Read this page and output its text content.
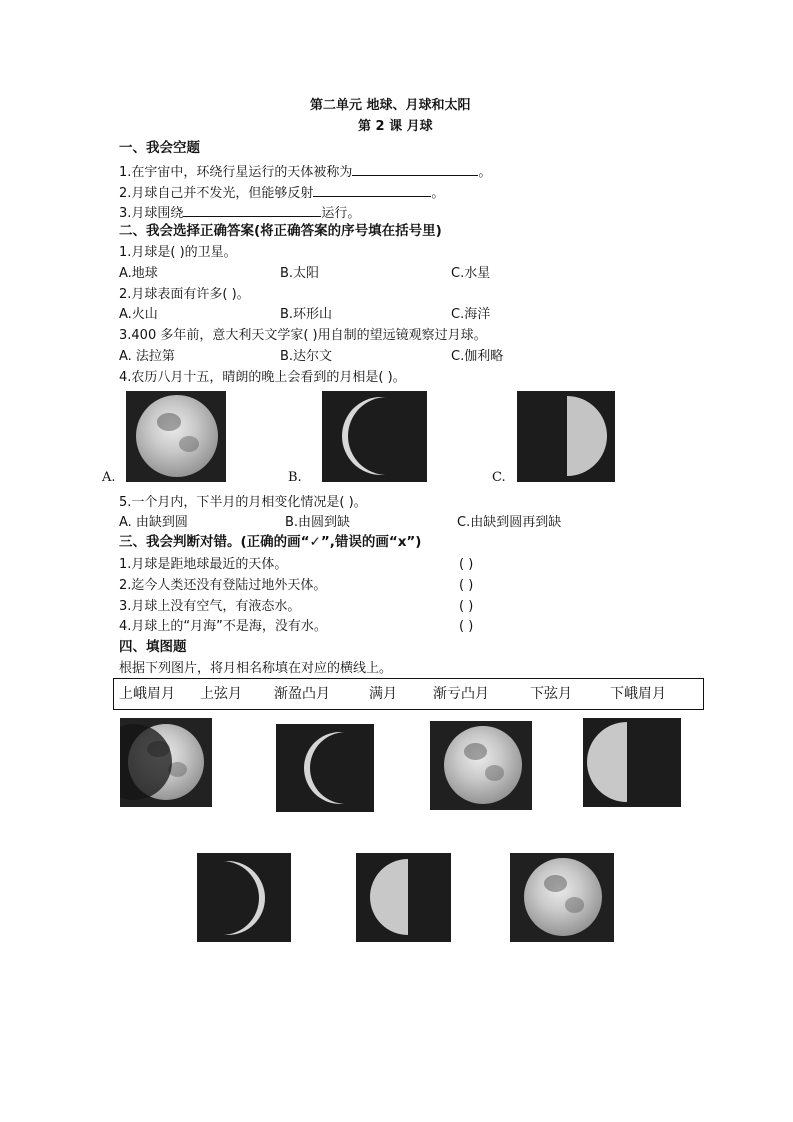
第二单元 地球、月球和太阳
第 2 课 月球
一、我会空题
1.在宇宙中，环绕行星运行的天体被称为	。
2.月球自己并不发光，但能够反射	。
3.月球围绕	运行。
二、我会选择正确答案(将正确答案的序号填在括号里)
1.月球是( )的卫星。
A.地球	B.太阳	C.水星
2.月球表面有许多( )。
A.火山	B.环形山	C.海洋
3.400 多年前，意大利天文学家( )用自制的望远镜观察过月球。
A. 法拉第	B.达尔文	C.伽利略
4.农历八月十五，晴朗的晚上会看到的月相是( )。
A.	B.	C.
5.一个月内，下半月的月相变化情况是( )。
A. 由缺到圆	B.由圆到缺	C.由缺到圆再到缺
三、我会判断对错。(正确的画“✓”,错误的画“x”)
1.月球是距地球最近的天体。	( )
2.迄今人类还没有登陆过地外天体。	( )
3.月球上没有空气，有液态水。	( )
4.月球上的“月海”不是海，没有水。	( )
四、填图题
根据下列图片，将月相名称填在对应的横线上。
上峨眉月 上弦月 渐盈凸月	满月	渐亏凸月	下弦月	下峨眉月
